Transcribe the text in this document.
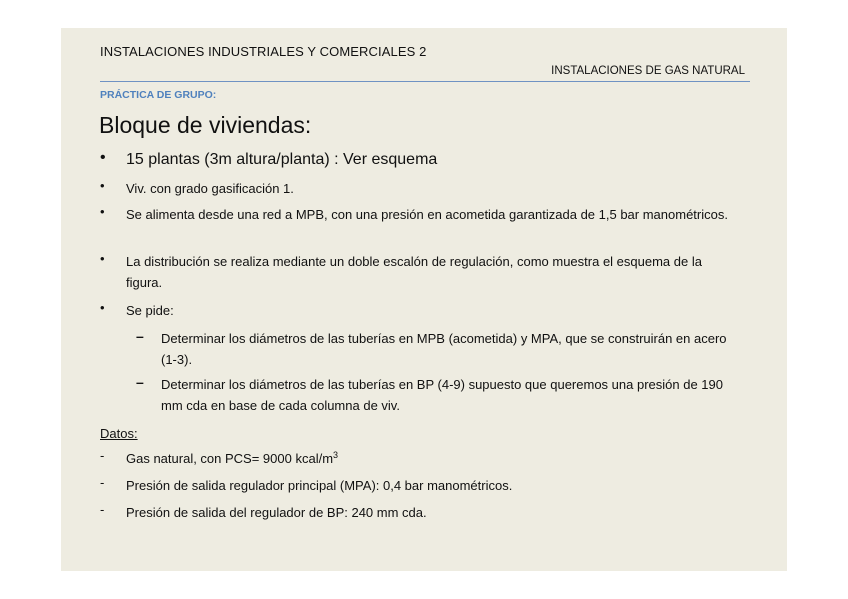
INSTALACIONES INDUSTRIALES Y COMERCIALES 2
INSTALACIONES DE GAS NATURAL
PRÁCTICA DE GRUPO:
Bloque de viviendas:
•	15 plantas (3m altura/planta) : Ver esquema
•	Viv. con grado gasificación 1.
•	Se alimenta desde una red a MPB, con una presión en acometida garantizada de 1,5 bar manométricos.
•	La distribución se realiza mediante un doble escalón de regulación, como muestra el esquema de la figura.
•	Se pide:
–	Determinar los diámetros de las tuberías en MPB (acometida) y MPA, que se construirán en acero (1-3).
–	Determinar los diámetros de las tuberías en BP (4-9) supuesto que queremos una presión de 190 mm cda en base de cada columna de viv.
-	Gas natural, con PCS= 9000 kcal/$m^3$
-	Presión de salida regulador principal (MPA): 0,4 bar manométricos.
-	Presión de salida del regulador de BP: 240 mm cda.
Datos:
